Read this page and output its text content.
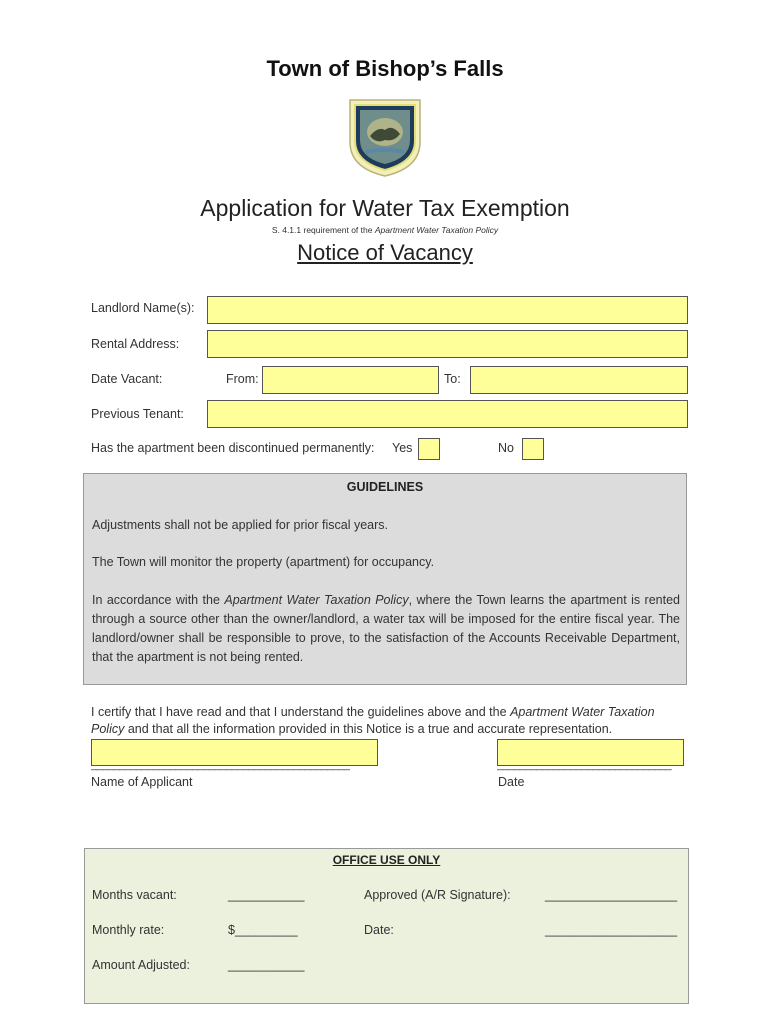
Town of Bishop’s Falls
Application for Water Tax Exemption
S. 4.1.1 requirement of the Apartment Water Taxation Policy
Notice of Vacancy
Landlord Name(s):
Rental Address:
Date Vacant:	From:	To:
Previous Tenant:
Has the apartment been discontinued permanently: Yes	No
GUIDELINES
Adjustments shall not be applied for prior fiscal years.
The Town will monitor the property (apartment) for occupancy.
In accordance with the Apartment Water Taxation Policy, where the Town learns the apartment is rented through a source other than the owner/landlord, a water tax will be imposed for the entire fiscal year. The landlord/owner shall be responsible to prove, to the satisfaction of the Accounts Receivable Department, that the apartment is not being rented.
I certify that I have read and that I understand the guidelines above and the Apartment Water Taxation Policy and that all the information provided in this Notice is a true and accurate representation.
______________________________________________
Name of Applicant
_______________________________
Date
OFFICE USE ONLY
Months vacant:	___________	Approved (A/R Signature):	___________________
Monthly rate:	$_________	Date:	___________________
Amount Adjusted:	___________
